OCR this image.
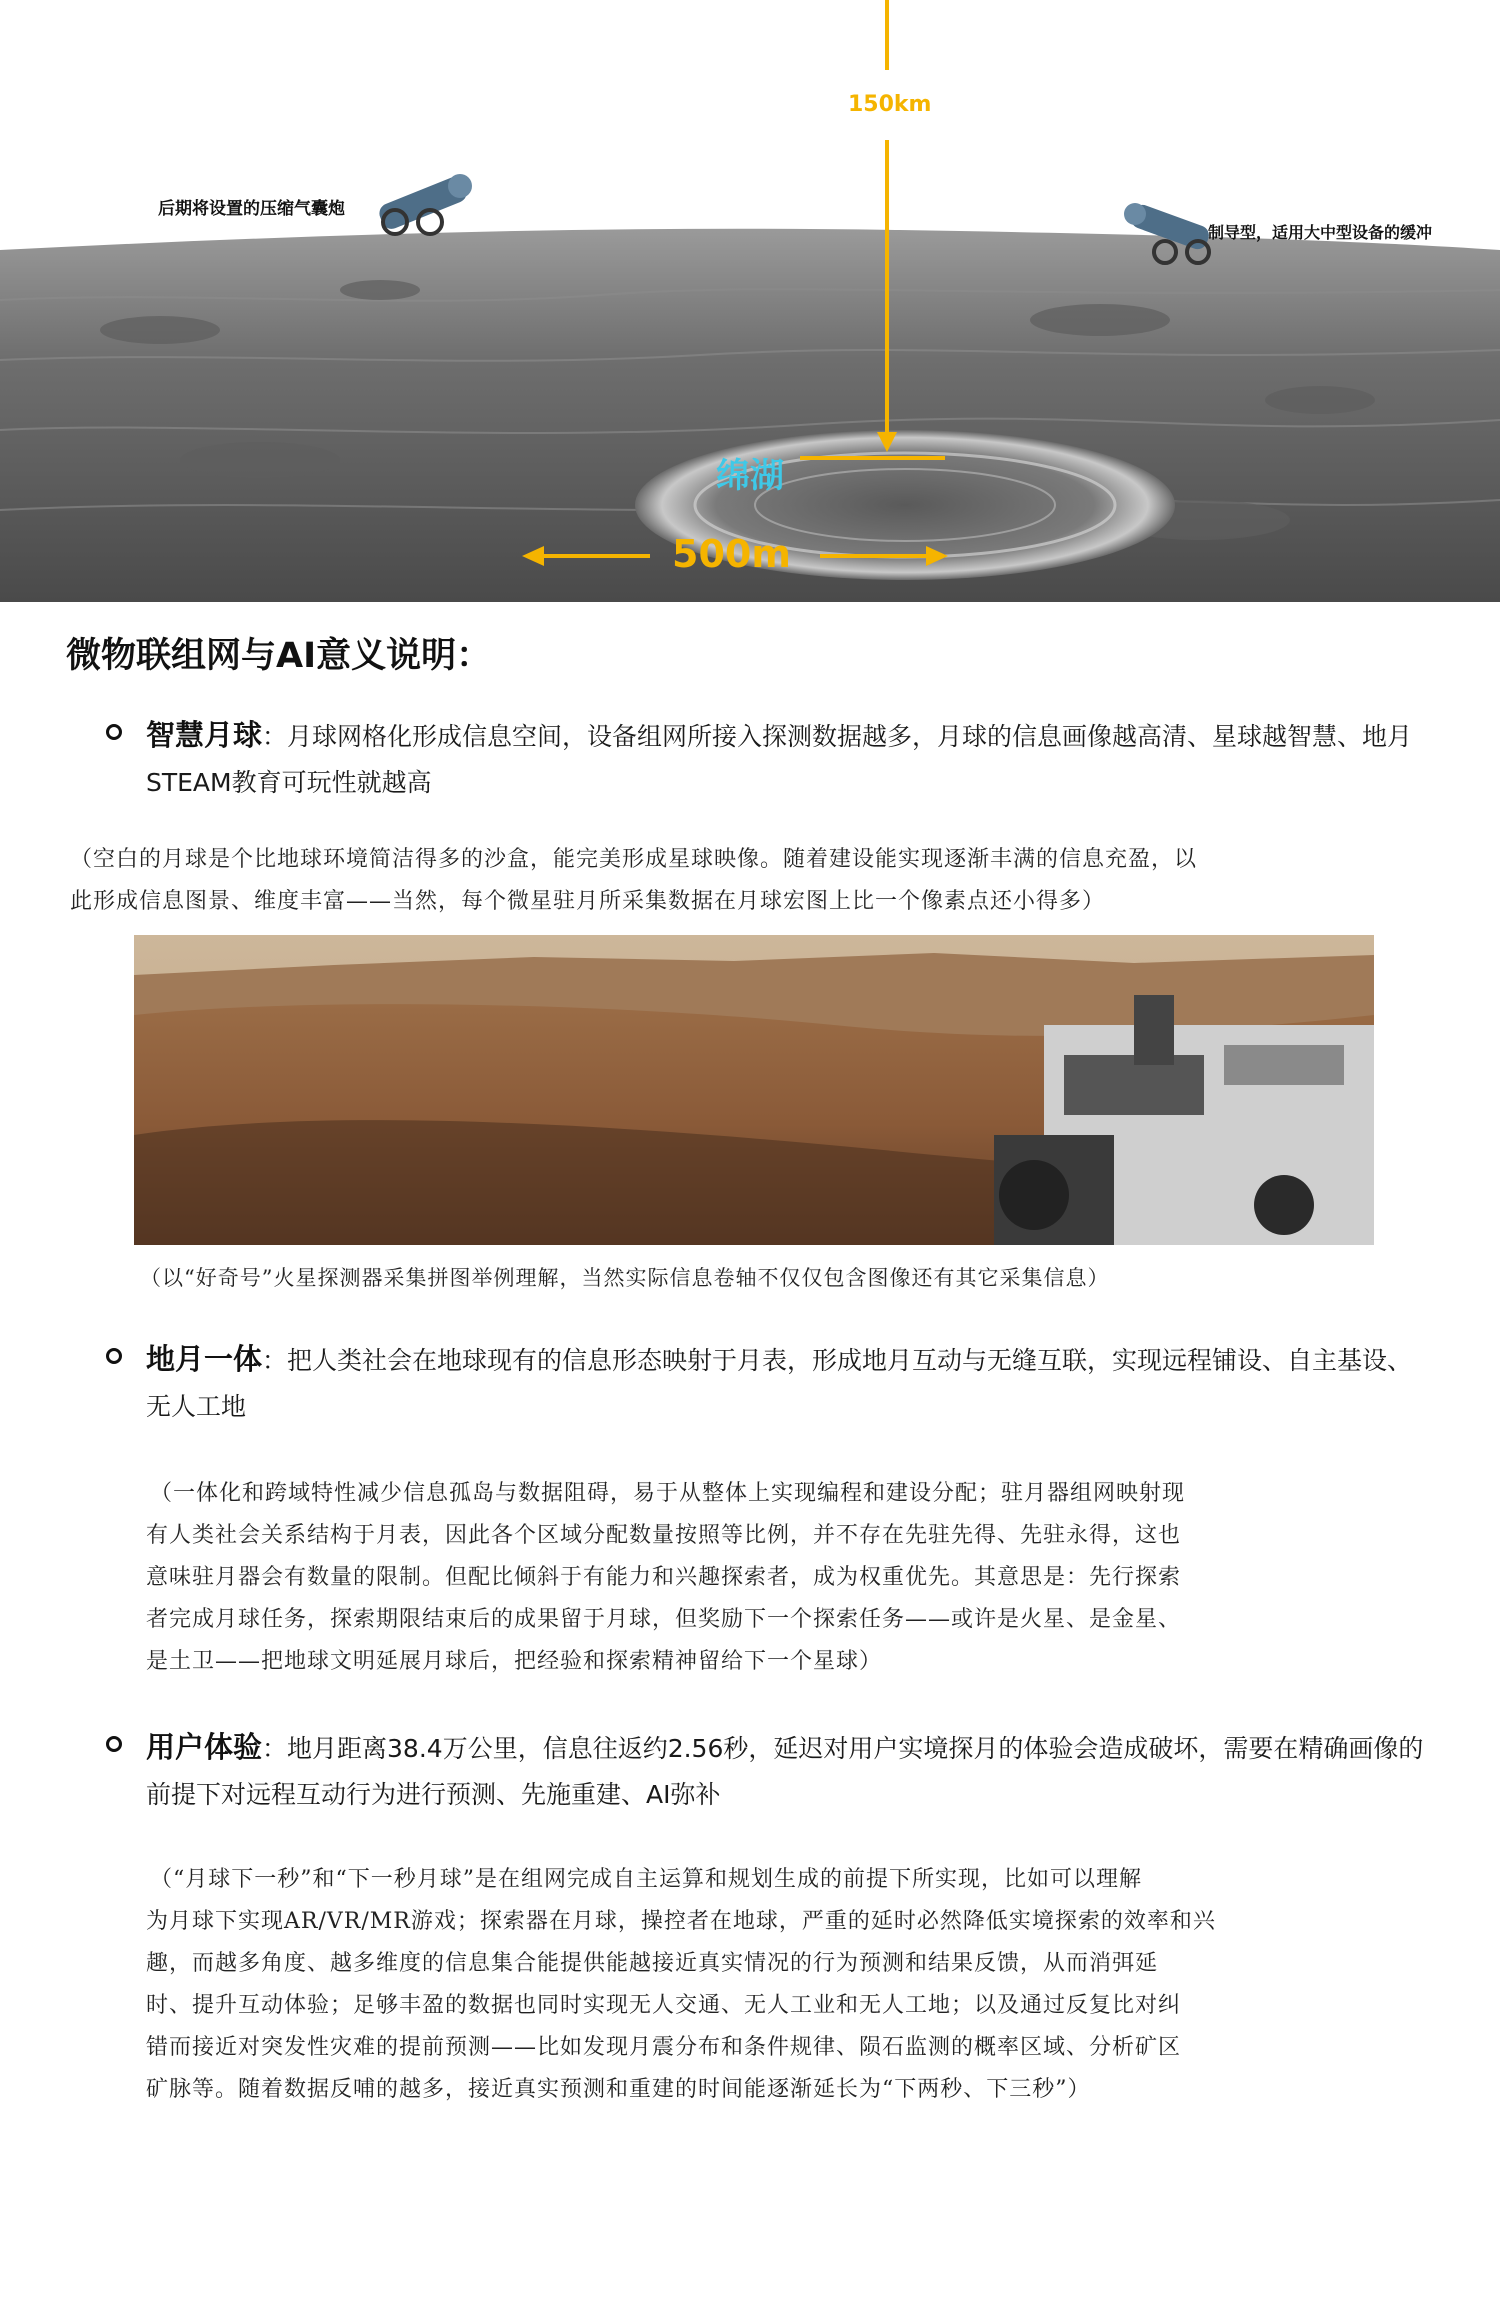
后期将设置的压缩气囊炮
制导型，适用大中型设备的缓冲
150km
绵湖
500m
微物联组网与AI意义说明：
智慧月球：月球网格化形成信息空间，设备组网所接入探测数据越多，月球的信息画像越高清、星球越智慧、地月STEAM教育可玩性就越高
（空白的月球是个比地球环境简洁得多的沙盒，能完美形成星球映像。随着建设能实现逐渐丰满的信息充盈，以
此形成信息图景、维度丰富——当然，每个微星驻月所采集数据在月球宏图上比一个像素点还小得多）
（以“好奇号”火星探测器采集拼图举例理解，当然实际信息卷轴不仅仅包含图像还有其它采集信息）
地月一体：把人类社会在地球现有的信息形态映射于月表，形成地月互动与无缝互联，实现远程铺设、自主基设、无人工地
（一体化和跨域特性减少信息孤岛与数据阻碍，易于从整体上实现编程和建设分配；驻月器组网映射现
有人类社会关系结构于月表，因此各个区域分配数量按照等比例，并不存在先驻先得、先驻永得，这也
意味驻月器会有数量的限制。但配比倾斜于有能力和兴趣探索者，成为权重优先。其意思是：先行探索
者完成月球任务，探索期限结束后的成果留于月球，但奖励下一个探索任务——或许是火星、是金星、
是土卫——把地球文明延展月球后，把经验和探索精神留给下一个星球）
用户体验：地月距离38.4万公里，信息往返约2.56秒，延迟对用户实境探月的体验会造成破坏，需要在精确画像的前提下对远程互动行为进行预测、先施重建、AI弥补
（“月球下一秒”和“下一秒月球”是在组网完成自主运算和规划生成的前提下所实现，比如可以理解
为月球下实现AR/VR/MR游戏；探索器在月球，操控者在地球，严重的延时必然降低实境探索的效率和兴
趣，而越多角度、越多维度的信息集合能提供能越接近真实情况的行为预测和结果反馈，从而消弭延
时、提升互动体验；足够丰盈的数据也同时实现无人交通、无人工业和无人工地；以及通过反复比对纠
错而接近对突发性灾难的提前预测——比如发现月震分布和条件规律、陨石监测的概率区域、分析矿区
矿脉等。随着数据反哺的越多，接近真实预测和重建的时间能逐渐延长为“下两秒、下三秒”）
